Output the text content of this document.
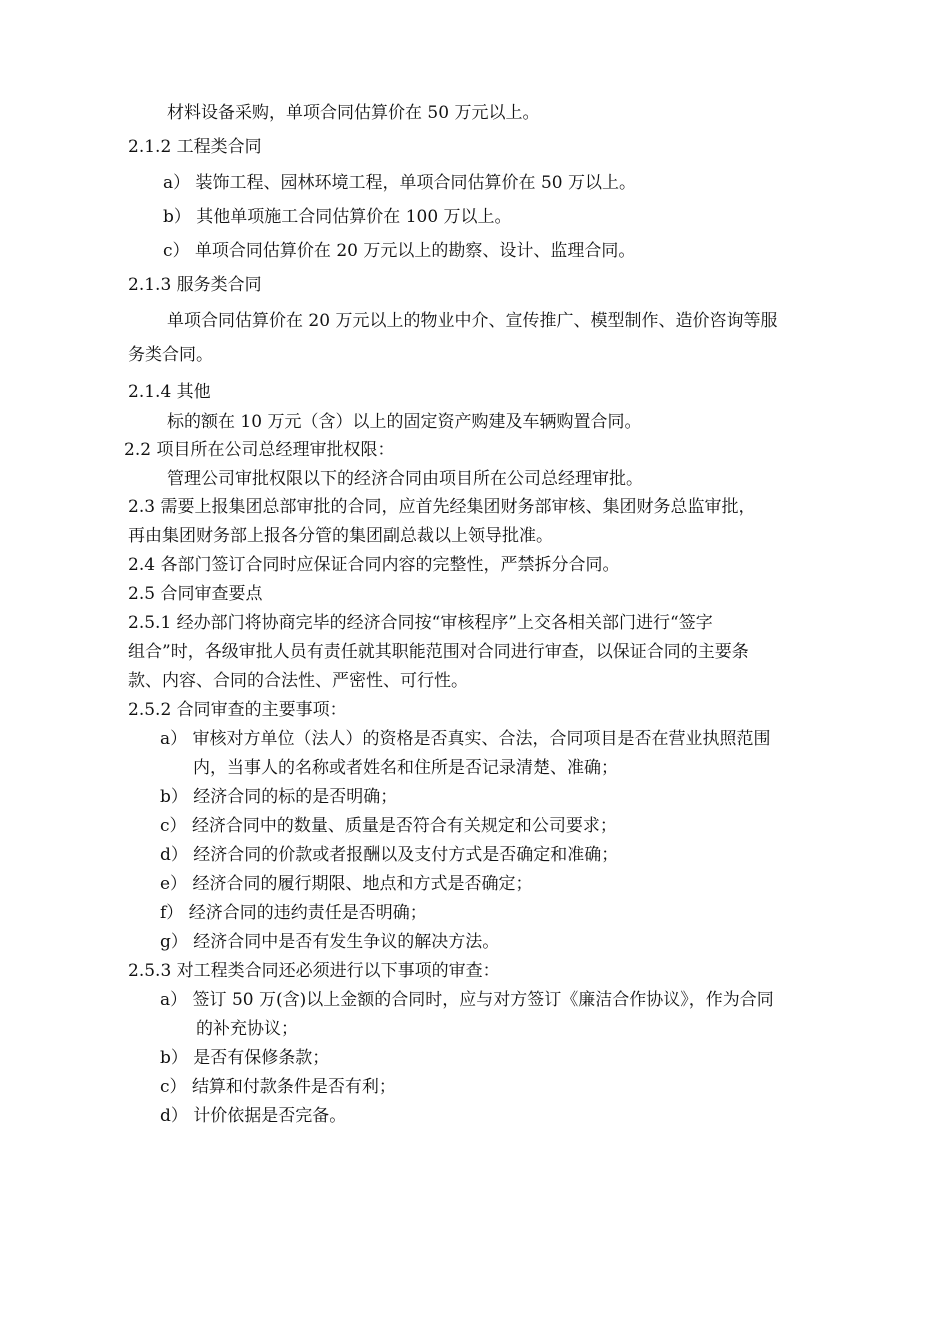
材料设备采购，单项合同估算价在 50 万元以上。
2.1.2 工程类合同
a） 装饰工程、园林环境工程，单项合同估算价在 50 万以上。
b） 其他单项施工合同估算价在 100 万以上。
c） 单项合同估算价在 20 万元以上的勘察、设计、监理合同。
2.1.3 服务类合同
单项合同估算价在 20 万元以上的物业中介、宣传推广、模型制作、造价咨询等服
务类合同。
2.1.4 其他
标的额在 10 万元（含）以上的固定资产购建及车辆购置合同。
2.2 项目所在公司总经理审批权限：
管理公司审批权限以下的经济合同由项目所在公司总经理审批。
2.3 需要上报集团总部审批的合同，应首先经集团财务部审核、集团财务总监审批，
再由集团财务部上报各分管的集团副总裁以上领导批准。
2.4 各部门签订合同时应保证合同内容的完整性，严禁拆分合同。
2.5 合同审查要点
2.5.1 经办部门将协商完毕的经济合同按“审核程序”上交各相关部门进行“签字
组合”时，各级审批人员有责任就其职能范围对合同进行审查，以保证合同的主要条
款、内容、合同的合法性、严密性、可行性。
2.5.2 合同审查的主要事项：
a） 审核对方单位（法人）的资格是否真实、合法，合同项目是否在营业执照范围
内，当事人的名称或者姓名和住所是否记录清楚、准确；
b） 经济合同的标的是否明确；
c） 经济合同中的数量、质量是否符合有关规定和公司要求；
d） 经济合同的价款或者报酬以及支付方式是否确定和准确；
e） 经济合同的履行期限、地点和方式是否确定；
f） 经济合同的违约责任是否明确；
g） 经济合同中是否有发生争议的解决方法。
2.5.3 对工程类合同还必须进行以下事项的审查：
a） 签订 50 万(含)以上金额的合同时，应与对方签订《廉洁合作协议》，作为合同
的补充协议；
b） 是否有保修条款；
c） 结算和付款条件是否有利；
d） 计价依据是否完备。
